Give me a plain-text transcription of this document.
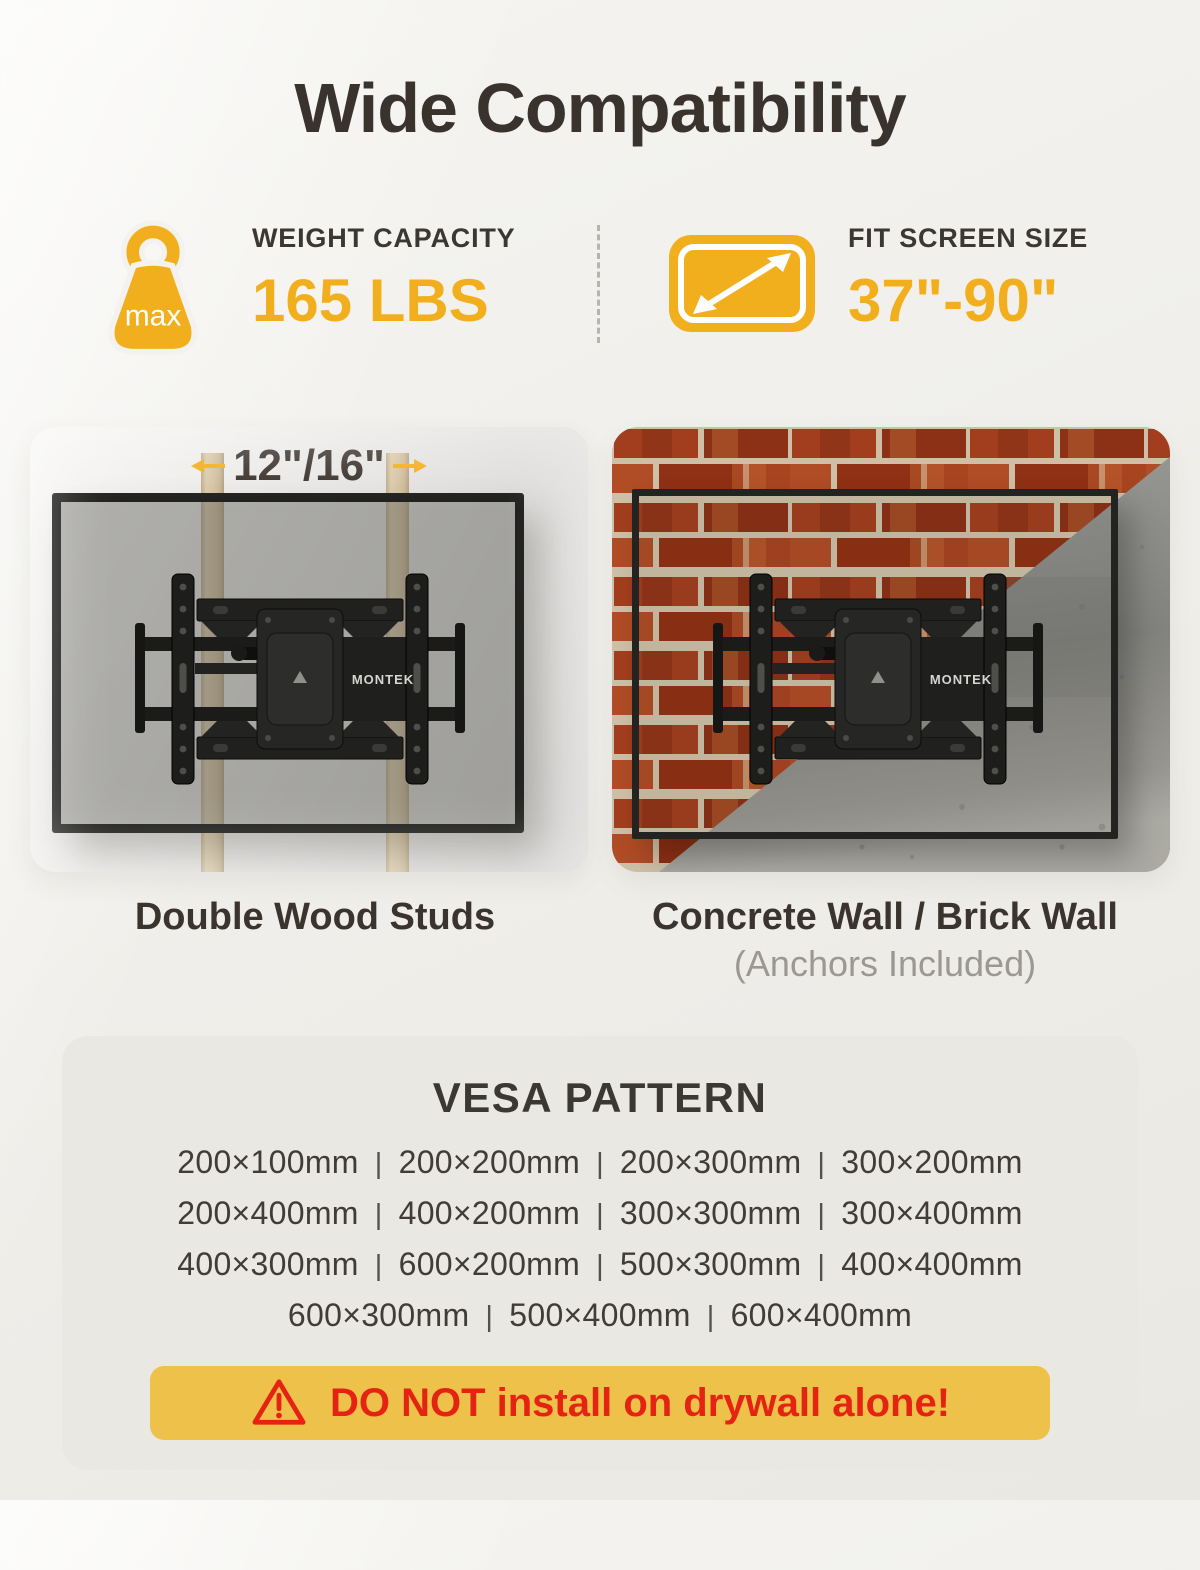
Wide Compatibility
max
WEIGHT CAPACITY
165 LBS
FIT SCREEN SIZE
37"-90"
MONTEK
12"/16"
MONTEK
Double Wood Studs	Concrete Wall / Brick Wall
(Anchors Included)
VESA PATTERN
200×100mm | 200×200mm | 200×300mm | 300×200mm
200×400mm | 400×200mm | 300×300mm | 300×400mm
400×300mm | 600×200mm | 500×300mm | 400×400mm
600×300mm | 500×400mm | 600×400mm
DO NOT install on drywall alone!
